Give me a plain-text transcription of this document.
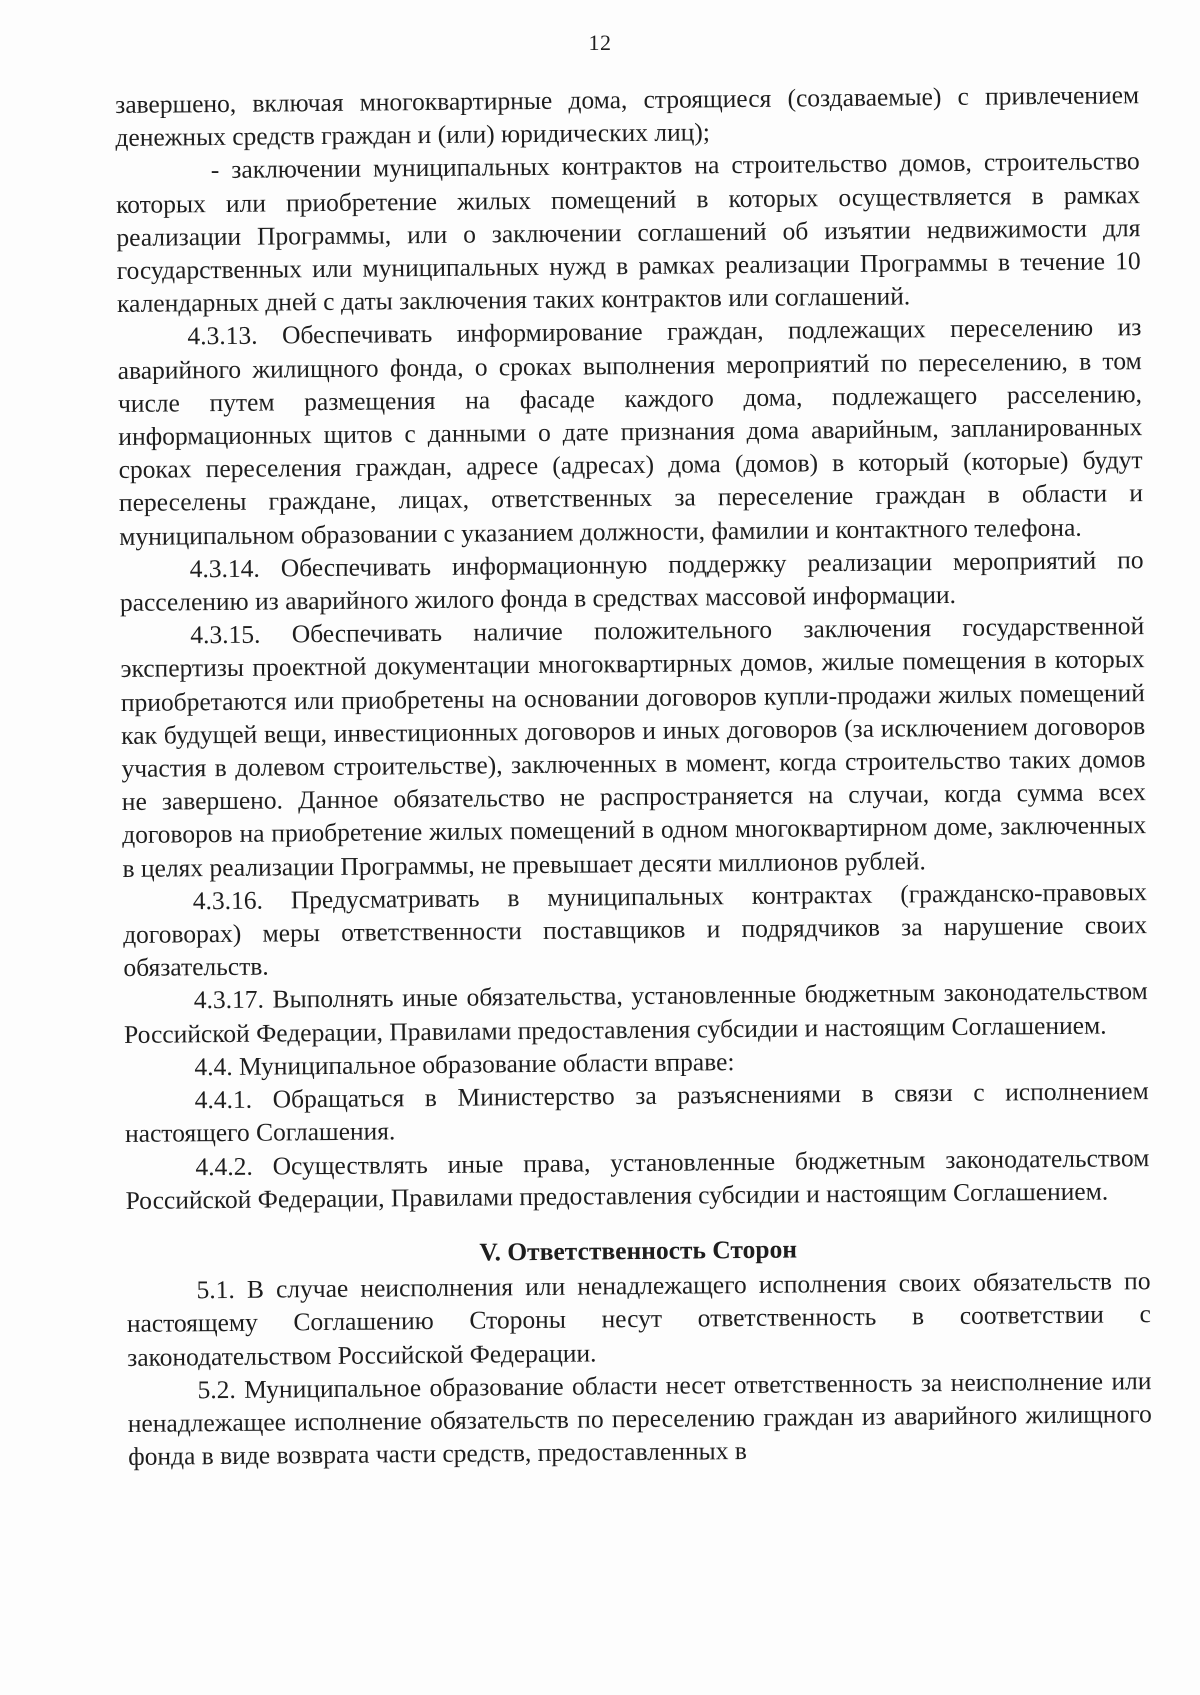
12

завершено, включая многоквартирные дома, строящиеся (создаваемые) с привлечением денежных средств граждан и (или) юридических лиц);

- заключении муниципальных контрактов на строительство домов, строительство которых или приобретение жилых помещений в которых осуществляется в рамках реализации Программы, или о заключении соглашений об изъятии недвижимости для государственных или муниципальных нужд в рамках реализации Программы в течение 10 календарных дней с даты заключения таких контрактов или соглашений.

4.3.13. Обеспечивать информирование граждан, подлежащих переселению из аварийного жилищного фонда, о сроках выполнения мероприятий по переселению, в том числе путем размещения на фасаде каждого дома, подлежащего расселению, информационных щитов с данными о дате признания дома аварийным, запланированных сроках переселения граждан, адресе (адресах) дома (домов) в который (которые) будут переселены граждане, лицах, ответственных за переселение граждан в области и муниципальном образовании с указанием должности, фамилии и контактного телефона.

4.3.14. Обеспечивать информационную поддержку реализации мероприятий по расселению из аварийного жилого фонда в средствах массовой информации.

4.3.15. Обеспечивать наличие положительного заключения государственной экспертизы проектной документации многоквартирных домов, жилые помещения в которых приобретаются или приобретены на основании договоров купли-продажи жилых помещений как будущей вещи, инвестиционных договоров и иных договоров (за исключением договоров участия в долевом строительстве), заключенных в момент, когда строительство таких домов не завершено. Данное обязательство не распространяется на случаи, когда сумма всех договоров на приобретение жилых помещений в одном многоквартирном доме, заключенных в целях реализации Программы, не превышает десяти миллионов рублей.

4.3.16. Предусматривать в муниципальных контрактах (гражданско-правовых договорах) меры ответственности поставщиков и подрядчиков за нарушение своих обязательств.

4.3.17. Выполнять иные обязательства, установленные бюджетным законодательством Российской Федерации, Правилами предоставления субсидии и настоящим Соглашением.

4.4. Муниципальное образование области вправе:

4.4.1. Обращаться в Министерство за разъяснениями в связи с исполнением настоящего Соглашения.

4.4.2. Осуществлять иные права, установленные бюджетным законодательством Российской Федерации, Правилами предоставления субсидии и настоящим Соглашением.

V. Ответственность Сторон

5.1. В случае неисполнения или ненадлежащего исполнения своих обязательств по настоящему Соглашению Стороны несут ответственность в соответствии с законодательством Российской Федерации.

5.2. Муниципальное образование области несет ответственность за неисполнение или ненадлежащее исполнение обязательств по переселению граждан из аварийного жилищного фонда в виде возврата части средств, предоставленных в
